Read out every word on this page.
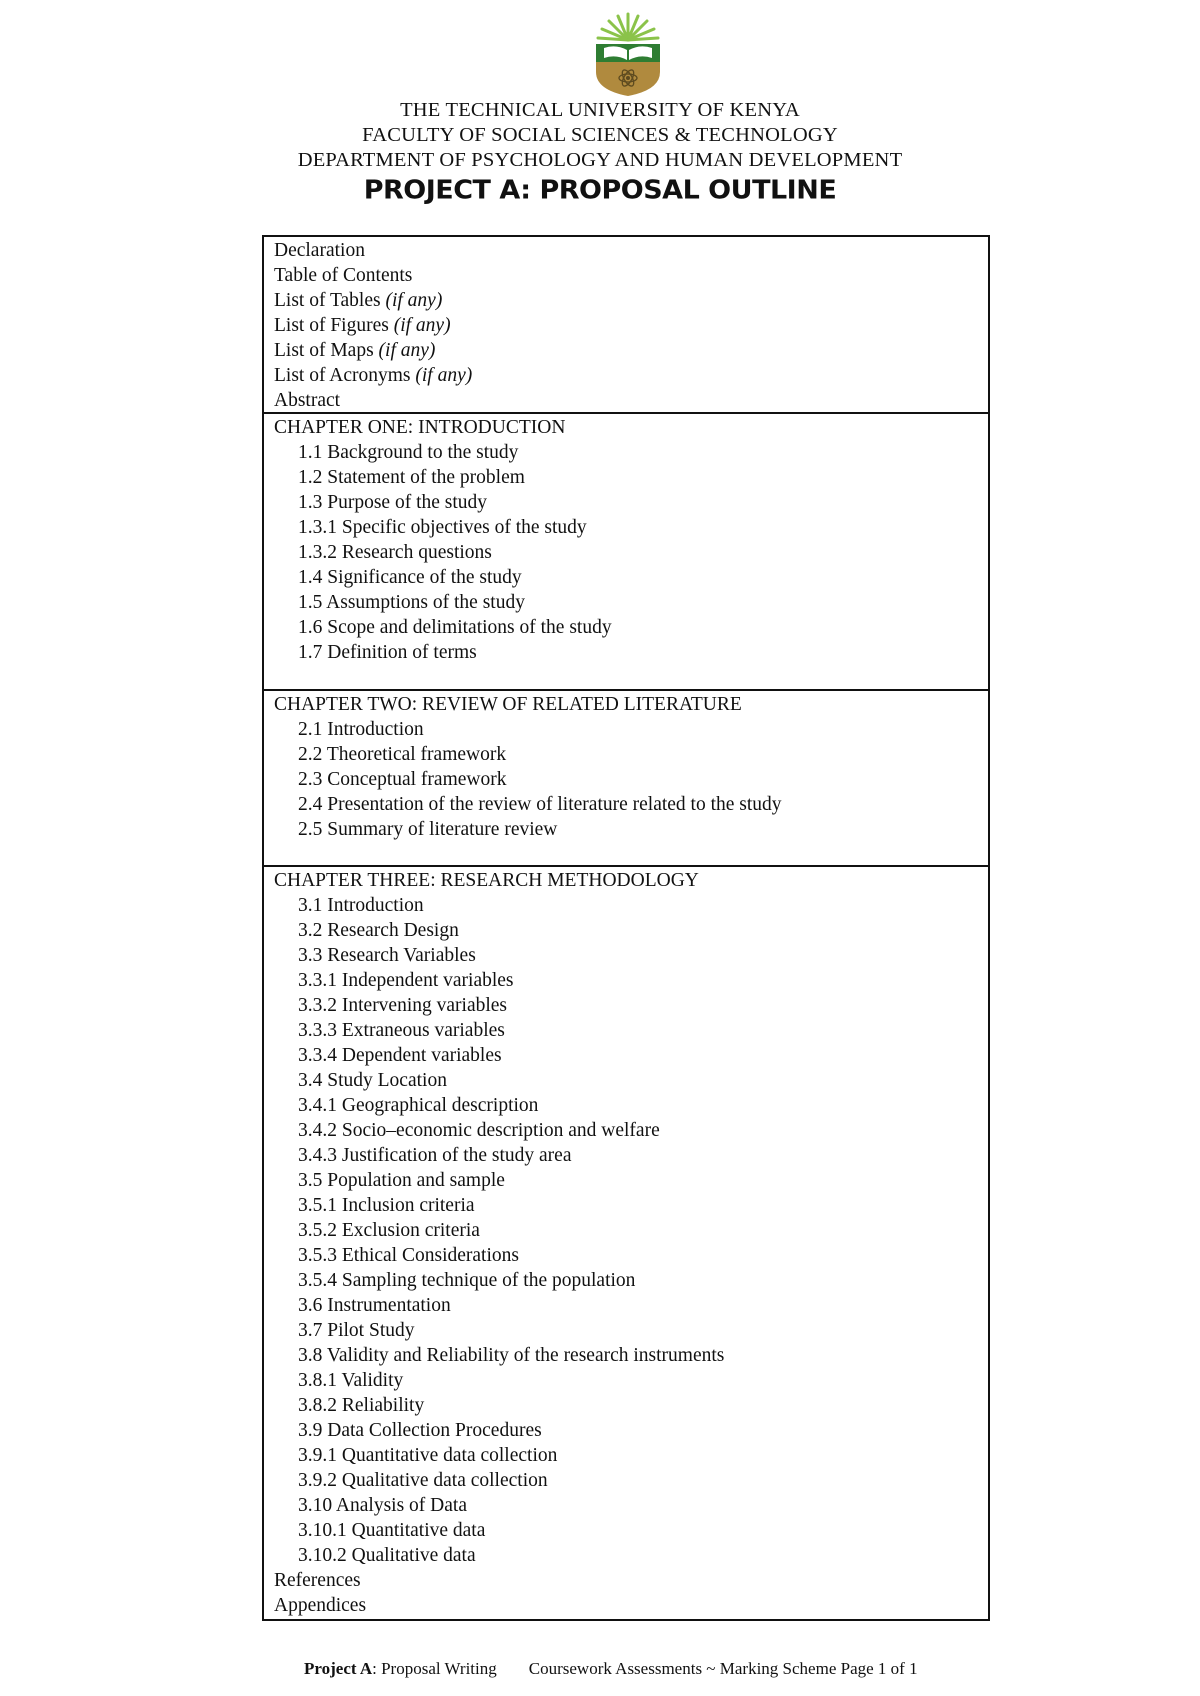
THE TECHNICAL UNIVERSITY OF KENYA
FACULTY OF SOCIAL SCIENCES & TECHNOLOGY
DEPARTMENT OF PSYCHOLOGY AND HUMAN DEVELOPMENT
PROJECT A: PROPOSAL OUTLINE
Declaration
Table of Contents
List of Tables (if any)
List of Figures (if any)
List of Maps (if any)
List of Acronyms (if any)
Abstract
CHAPTER ONE: INTRODUCTION
1.1 Background to the study
1.2 Statement of the problem
1.3 Purpose of the study
1.3.1 Specific objectives of the study
1.3.2 Research questions
1.4 Significance of the study
1.5 Assumptions of the study
1.6 Scope and delimitations of the study
1.7 Definition of terms
CHAPTER TWO: REVIEW OF RELATED LITERATURE
2.1 Introduction
2.2 Theoretical framework
2.3 Conceptual framework
2.4 Presentation of the review of literature related to the study
2.5 Summary of literature review
CHAPTER THREE: RESEARCH METHODOLOGY
3.1 Introduction
3.2 Research Design
3.3 Research Variables
3.3.1 Independent variables
3.3.2 Intervening variables
3.3.3 Extraneous variables
3.3.4 Dependent variables
3.4 Study Location
3.4.1 Geographical description
3.4.2 Socio–economic description and welfare
3.4.3 Justification of the study area
3.5 Population and sample
3.5.1 Inclusion criteria
3.5.2 Exclusion criteria
3.5.3 Ethical Considerations
3.5.4 Sampling technique of the population
3.6 Instrumentation
3.7 Pilot Study
3.8 Validity and Reliability of the research instruments
3.8.1 Validity
3.8.2 Reliability
3.9 Data Collection Procedures
3.9.1 Quantitative data collection
3.9.2 Qualitative data collection
3.10 Analysis of Data
3.10.1 Quantitative data
3.10.2 Qualitative data
References
Appendices
Project A: Proposal Writing Coursework Assessments ~ Marking Scheme Page 1 of 1
